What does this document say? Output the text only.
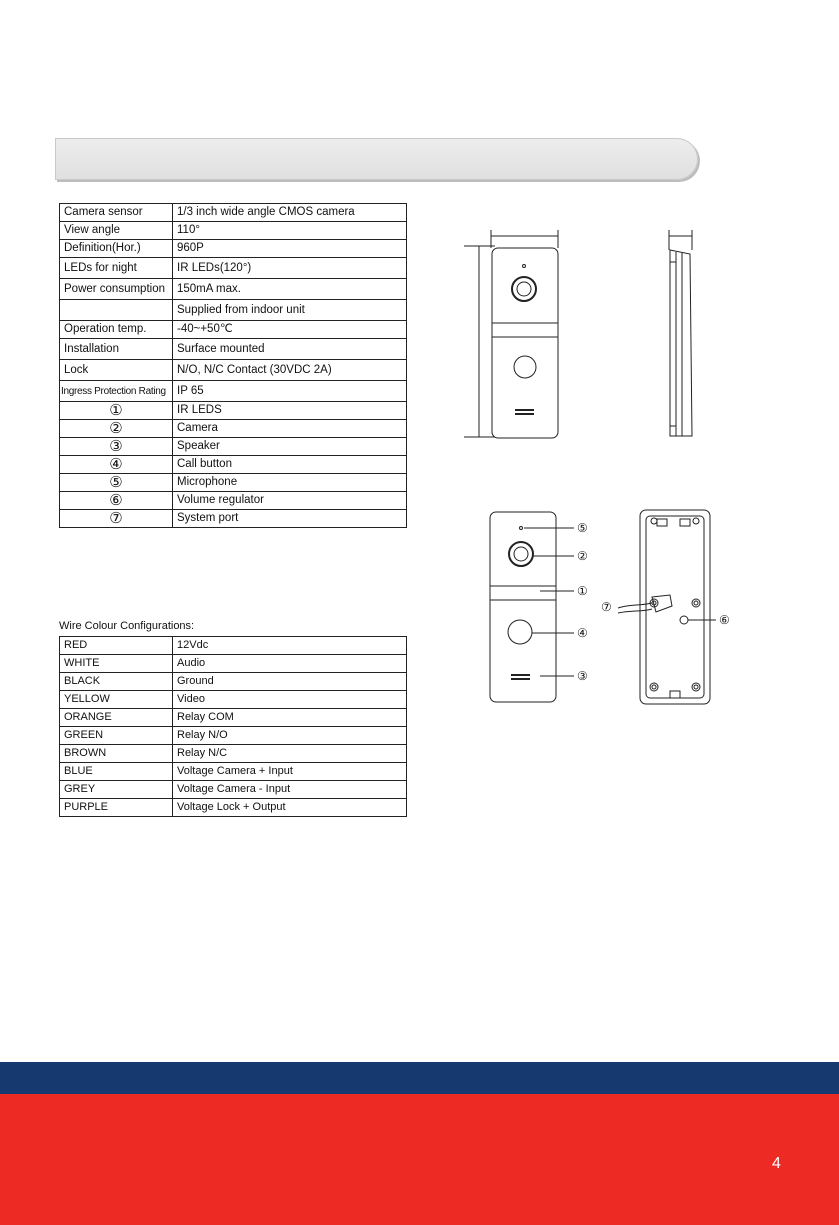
Camera sensor	1/3 inch wide angle CMOS camera
View angle	110°
Definition(Hor.)	960P
LEDs for night	IR LEDs(120°)
Power consumption	150mA max.
	Supplied from indoor unit
Operation temp.	-40~+50℃
Installation	Surface mounted
Lock	N/O, N/C Contact (30VDC 2A)
Ingress Protection Rating	IP 65
①	IR LEDS
②	Camera
③	Speaker
④	Call button
⑤	Microphone
⑥	Volume regulator
⑦	System port
Wire Colour Configurations:
RED	12Vdc
WHITE	Audio
BLACK	Ground
YELLOW	Video
ORANGE	Relay COM
GREEN	Relay N/O
BROWN	Relay N/C
BLUE	Voltage Camera + Input
GREY	Voltage Camera - Input
PURPLE	Voltage Lock + Output
⑤
②
①
④
③
⑦
⑥
4
